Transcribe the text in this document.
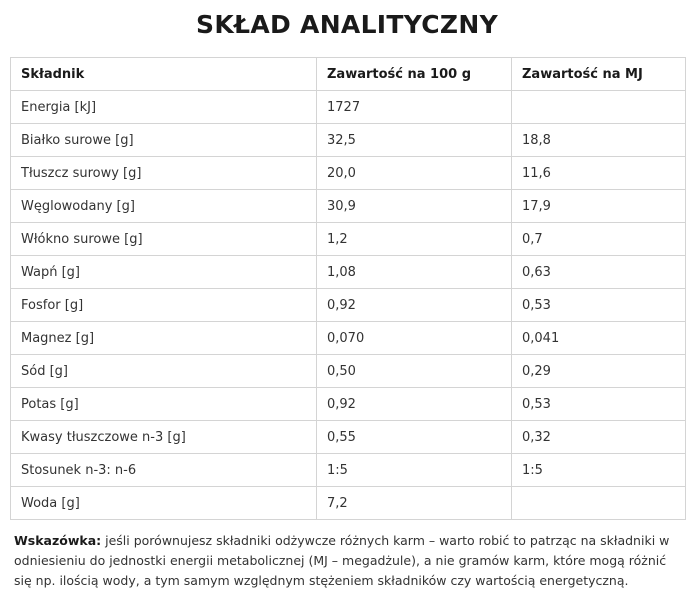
SKŁAD ANALITYCZNY
Składnik	Zawartość na 100 g	Zawartość na MJ
Energia [kJ]	1727	
Białko surowe [g]	32,5	18,8
Tłuszcz surowy [g]	20,0	11,6
Węglowodany [g]	30,9	17,9
Włókno surowe [g]	1,2	0,7
Wapń [g]	1,08	0,63
Fosfor [g]	0,92	0,53
Magnez [g]	0,070	0,041
Sód [g]	0,50	0,29
Potas [g]	0,92	0,53
Kwasy tłuszczowe n-3 [g]	0,55	0,32
Stosunek n-3: n-6	1:5	1:5
Woda [g]	7,2	

Wskazówka: jeśli porównujesz składniki odżywcze różnych karm – warto robić to patrząc na składniki w odniesieniu do jednostki energii metabolicznej (MJ – megadżule), a nie gramów karm, które mogą różnić się np. ilością wody, a tym samym względnym stężeniem składników czy wartością energetyczną.
